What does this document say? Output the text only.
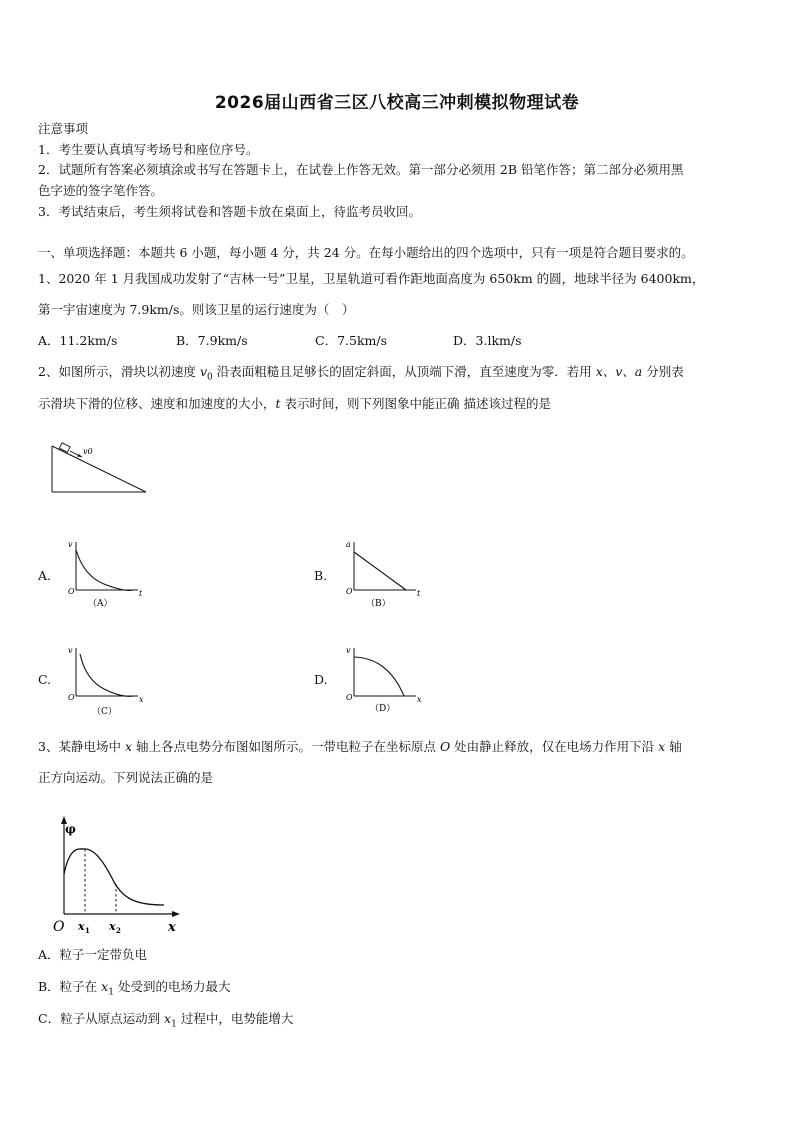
2026届山西省三区八校高三冲刺模拟物理试卷
注意事项
1．考生要认真填写考场号和座位序号。
2．试题所有答案必须填涂或书写在答题卡上，在试卷上作答无效。第一部分必须用 2B 铅笔作答；第二部分必须用黑
色字迹的签字笔作答。
3．考试结束后，考生须将试卷和答题卡放在桌面上，待监考员收回。
一、单项选择题：本题共 6 小题，每小题 4 分，共 24 分。在每小题给出的四个选项中，只有一项是符合题目要求的。
1、2020 年 1 月我国成功发射了“吉林一号”卫星，卫星轨道可看作距地面高度为 650km 的圆，地球半径为 6400km，
第一宇宙速度为 7.9km/s。则该卫星的运行速度为（　）
A．11.2km/s	B．7.9km/s	C．7.5km/s	D．3.lkm/s
2、如图所示，滑块以初速度 $v_0$ 沿表面粗糙且足够长的固定斜面，从顶端下滑，直至速度为零．若用 x、v、a 分别表
示滑块下滑的位移、速度和加速度的大小，t 表示时间，则下列图象中能正确 描述该过程的是
v0
A.
v
t
O
（A）
B.
a
t
O
（B）
C.
v
x
O
（C）
D.
v
x
O
（D）
3、某静电场中 x 轴上各点电势分布图如图所示。一带电粒子在坐标原点 O 处由静止释放，仅在电场力作用下沿 x 轴
正方向运动。下列说法正确的是
φ
O	x
x 1 x 2
A．粒子一定带负电
B．粒子在 $x_1$ 处受到的电场力最大
C．粒子从原点运动到 $x_1$ 过程中，电势能增大
